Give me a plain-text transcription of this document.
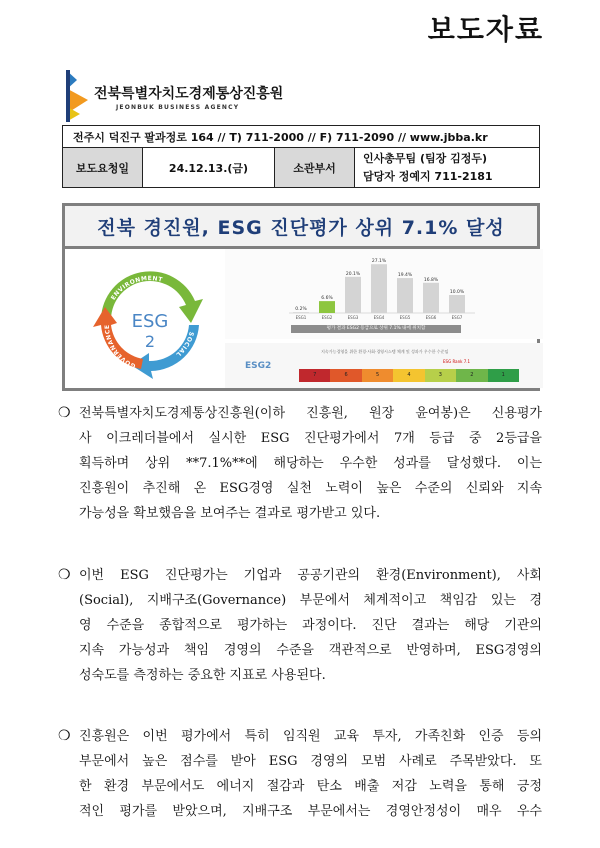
보도자료
전북특별자치도경제통상진흥원
JEONBUK BUSINESS AGENCY
전주시 덕진구 팔과정로 164 // T) 711-2000 // F) 711-2090 // www.jbba.kr
보도요청일	24.12.13.(금)	소관부서	
인사총무팀 (팀장 김정두)
담당자 정예지 711-2181
전북 경진원, ESG 진단평가 상위 7.1% 달성
ENVIRONMENT
SOCIAL
GOVERNANCE	ESG
2
0.2%
ESG1
6.6%
ESG2
20.1%
ESG3
27.1%
ESG4
19.4%
ESG5
16.8%
ESG6
10.0%
ESG7
평가 결과 ESG2 등급으로 상위 7.1% 내에 위치함
ESG2
지속가능경영을 위한 환경·사회·경영시스템 체계 및 성과가 우수한 수준임
ESG Rank 7.1
7	6	5	4	3	2	1
❍ 전북특별자치도경제통상진흥원(이하 진흥원, 원장 윤여봉)은 신용평가
사 이크레더블에서 실시한 ESG 진단평가에서 7개 등급 중 2등급을
획득하며 상위 **7.1%**에 해당하는 우수한 성과를 달성했다. 이는
진흥원이 추진해 온 ESG경영 실천 노력이 높은 수준의 신뢰와 지속
가능성을 확보했음을 보여주는 결과로 평가받고 있다.
❍ 이번 ESG 진단평가는 기업과 공공기관의 환경(Environment), 사회
(Social), 지배구조(Governance) 부문에서 체계적이고 책임감 있는 경
영 수준을 종합적으로 평가하는 과정이다. 진단 결과는 해당 기관의
지속 가능성과 책임 경영의 수준을 객관적으로 반영하며, ESG경영의
성숙도를 측정하는 중요한 지표로 사용된다.
❍ 진흥원은 이번 평가에서 특히 임직원 교육 투자, 가족친화 인증 등의
부문에서 높은 점수를 받아 ESG 경영의 모범 사례로 주목받았다. 또
한 환경 부문에서도 에너지 절감과 탄소 배출 저감 노력을 통해 긍정
적인 평가를 받았으며, 지배구조 부문에서는 경영안정성이 매우 우수
